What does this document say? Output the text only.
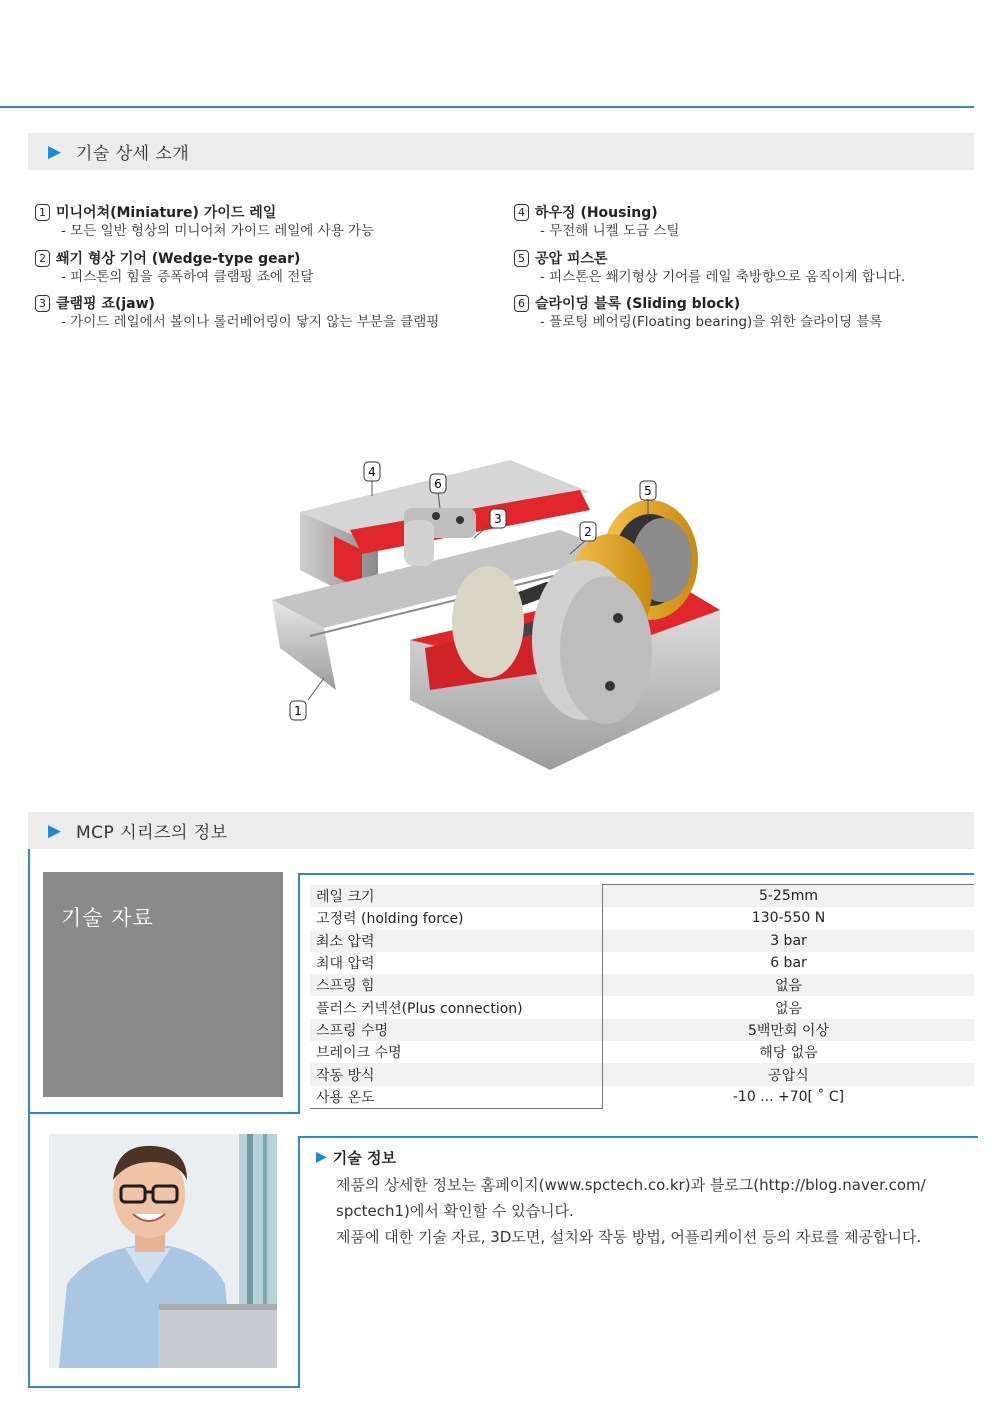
▶ 기술 상세 소개
1 미니어쳐(Miniature) 가이드 레일
- 모든 일반 형상의 미니어쳐 가이드 레일에 사용 가능
2 쐐기 형상 기어 (Wedge-type gear)
- 피스톤의 힘을 증폭하여 클램핑 죠에 전달
3 클램핑 죠(jaw)
- 가이드 레일에서 볼이나 롤러베어링이 닿지 않는 부분을 클램핑
4 하우징 (Housing)
- 무전해 니켈 도금 스틸
5 공압 피스톤
- 피스톤은 쐐기형상 기어를 레일 축방향으로 움직이게 합니다.
6 슬라이딩 블록 (Sliding block)
- 플로팅 베어링(Floating bearing)을 위한 슬라이딩 블록
1
2
3
4
5
6
▶ MCP 시리즈의 정보
기술 자료
레일 크기	5-25mm
고정력 (holding force)	130-550 N
최소 압력	3 bar
최대 압력	6 bar
스프링 힘	없음
플러스 커넥션(Plus connection)	없음
스프링 수명	5백만회 이상
브레이크 수명	해당 없음
작동 방식	공압식
사용 온도	-10 ... +70[ ˚ C]
▶ 기술 정보
제품의 상세한 정보는 홈페이지(www.spctech.co.kr)과 블로그(http://blog.naver.com/
spctech1)에서 확인할 수 있습니다.
제품에 대한 기술 자료, 3D도면, 설치와 작동 방법, 어플리케이션 등의 자료를 제공합니다.
